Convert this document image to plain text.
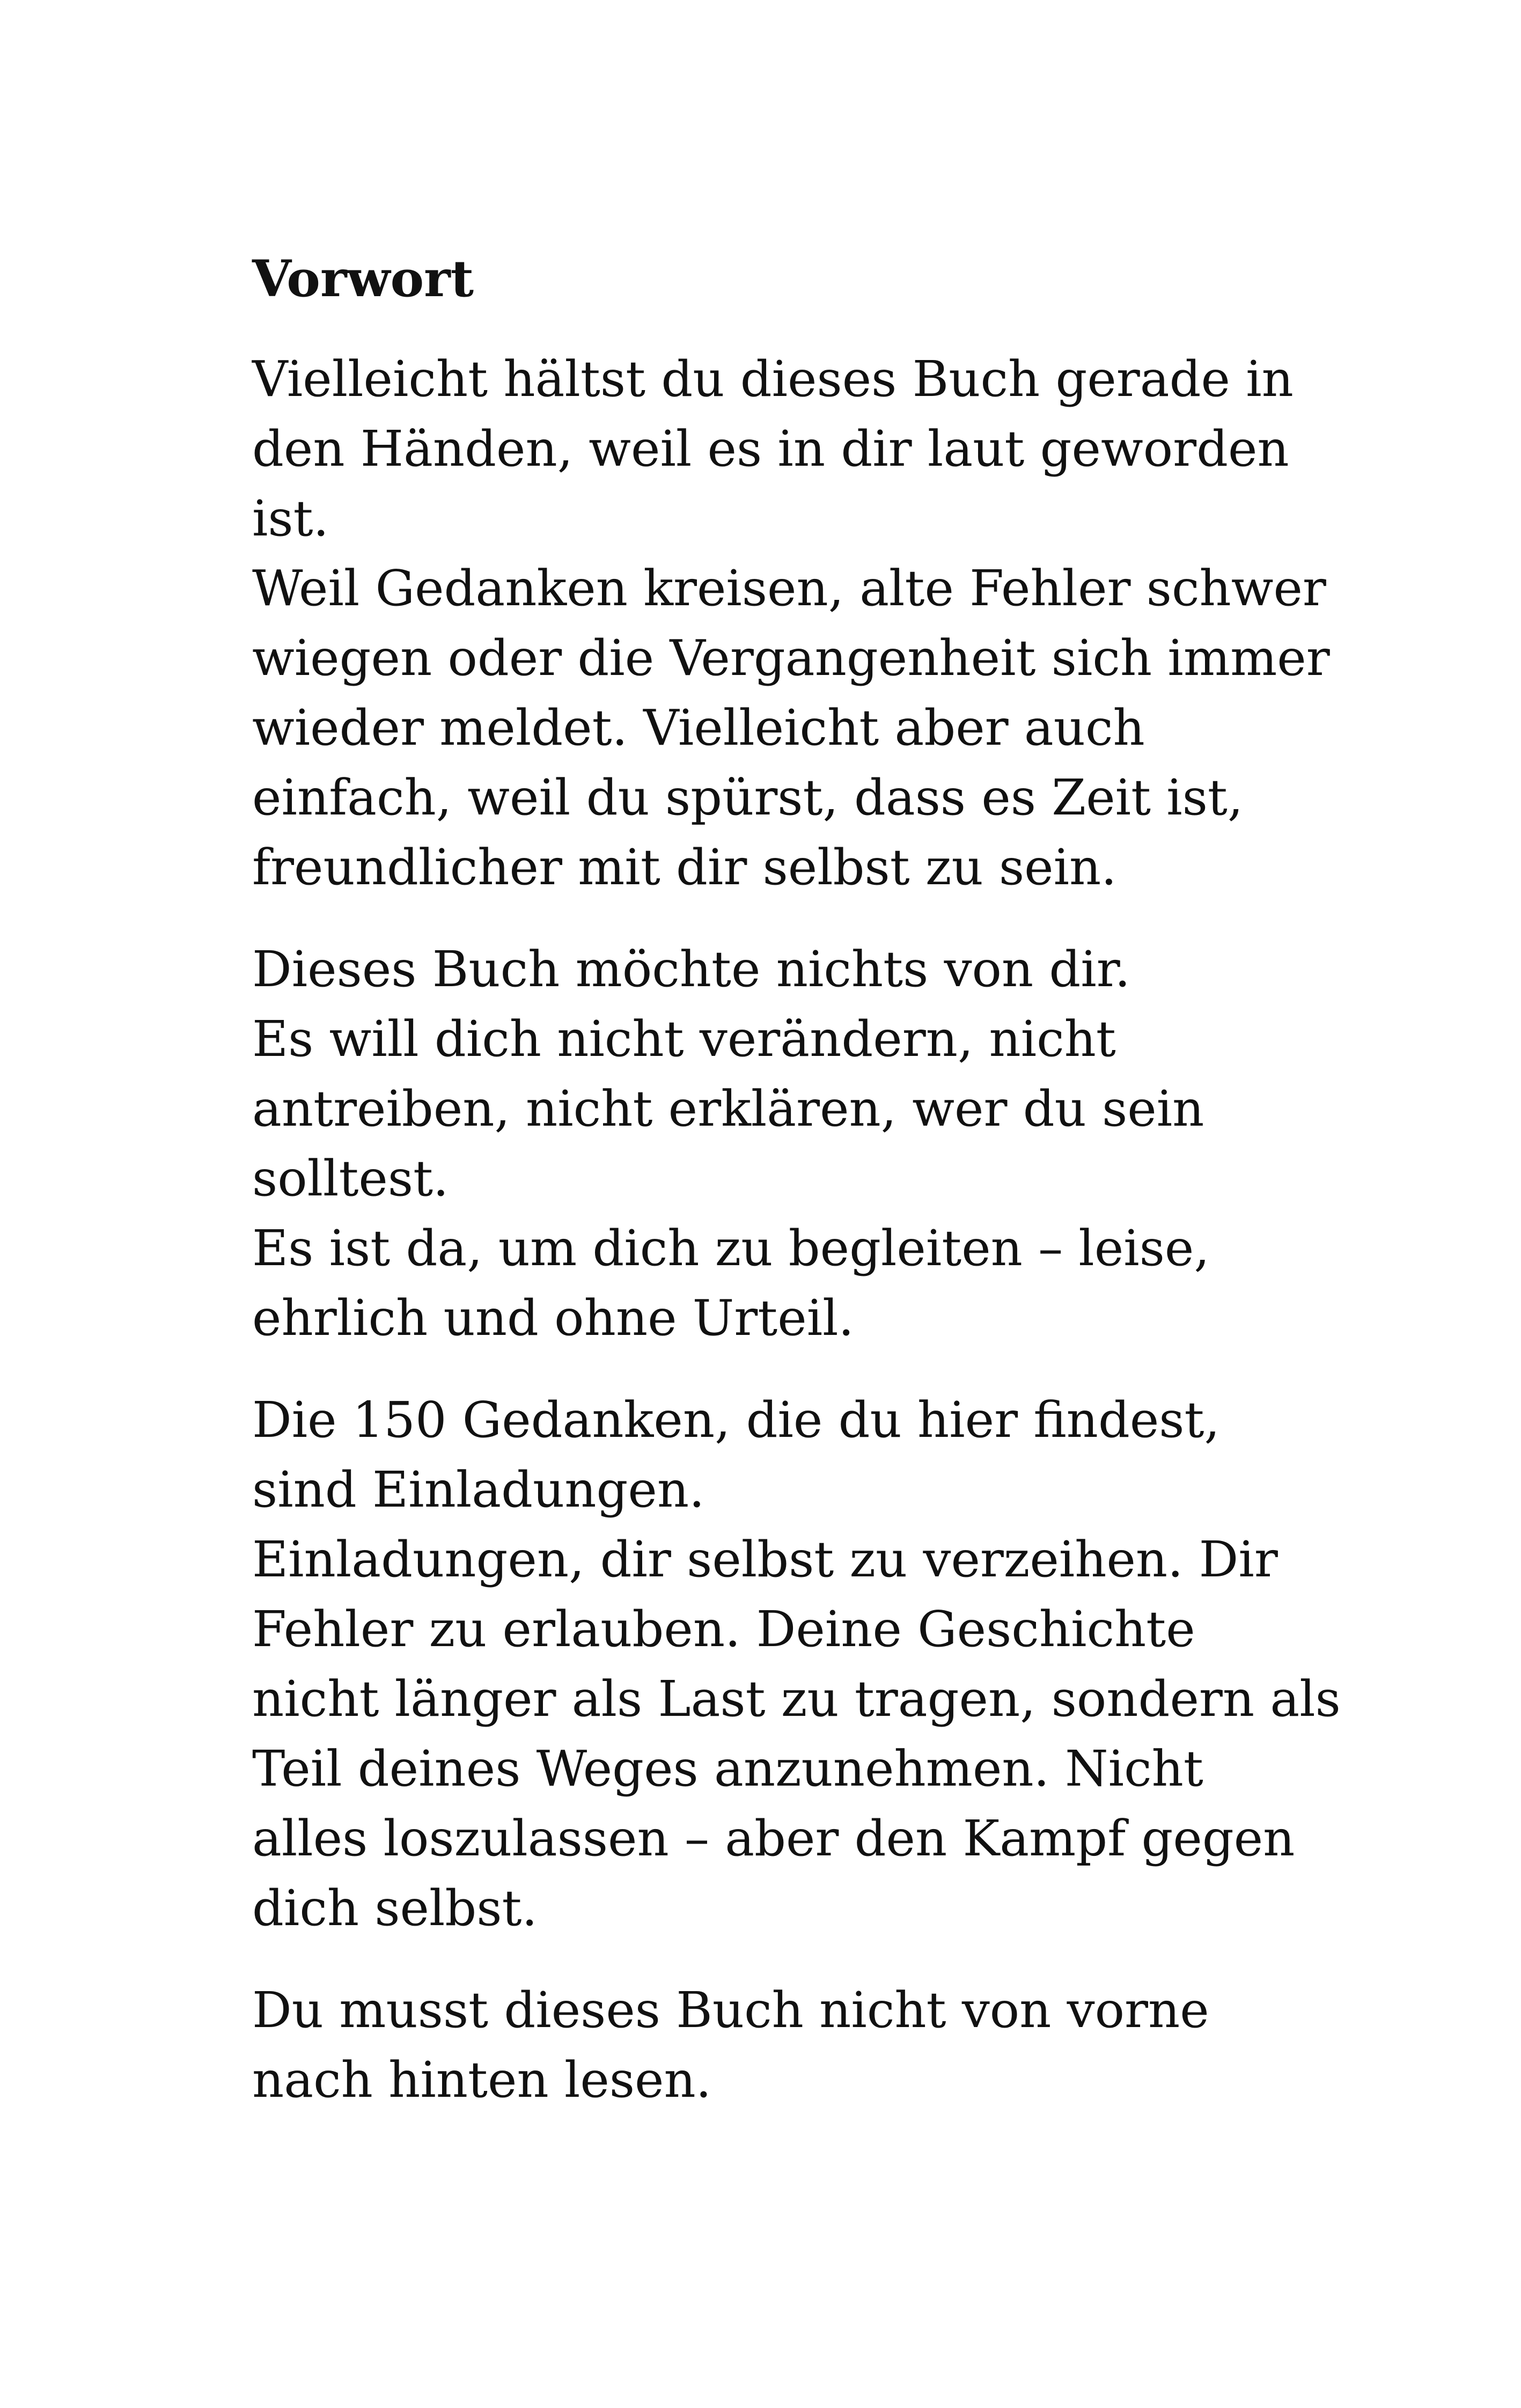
Vorwort
Vielleicht hältst du dieses Buch gerade in
den Händen, weil es in dir laut geworden
ist.
Weil Gedanken kreisen, alte Fehler schwer
wiegen oder die Vergangenheit sich immer
wieder meldet. Vielleicht aber auch
einfach, weil du spürst, dass es Zeit ist,
freundlicher mit dir selbst zu sein.
Dieses Buch möchte nichts von dir.
Es will dich nicht verändern, nicht
antreiben, nicht erklären, wer du sein
solltest.
Es ist da, um dich zu begleiten – leise,
ehrlich und ohne Urteil.
Die 150 Gedanken, die du hier findest,
sind Einladungen.
Einladungen, dir selbst zu verzeihen. Dir
Fehler zu erlauben. Deine Geschichte
nicht länger als Last zu tragen, sondern als
Teil deines Weges anzunehmen. Nicht
alles loszulassen – aber den Kampf gegen
dich selbst.
Du musst dieses Buch nicht von vorne
nach hinten lesen.
